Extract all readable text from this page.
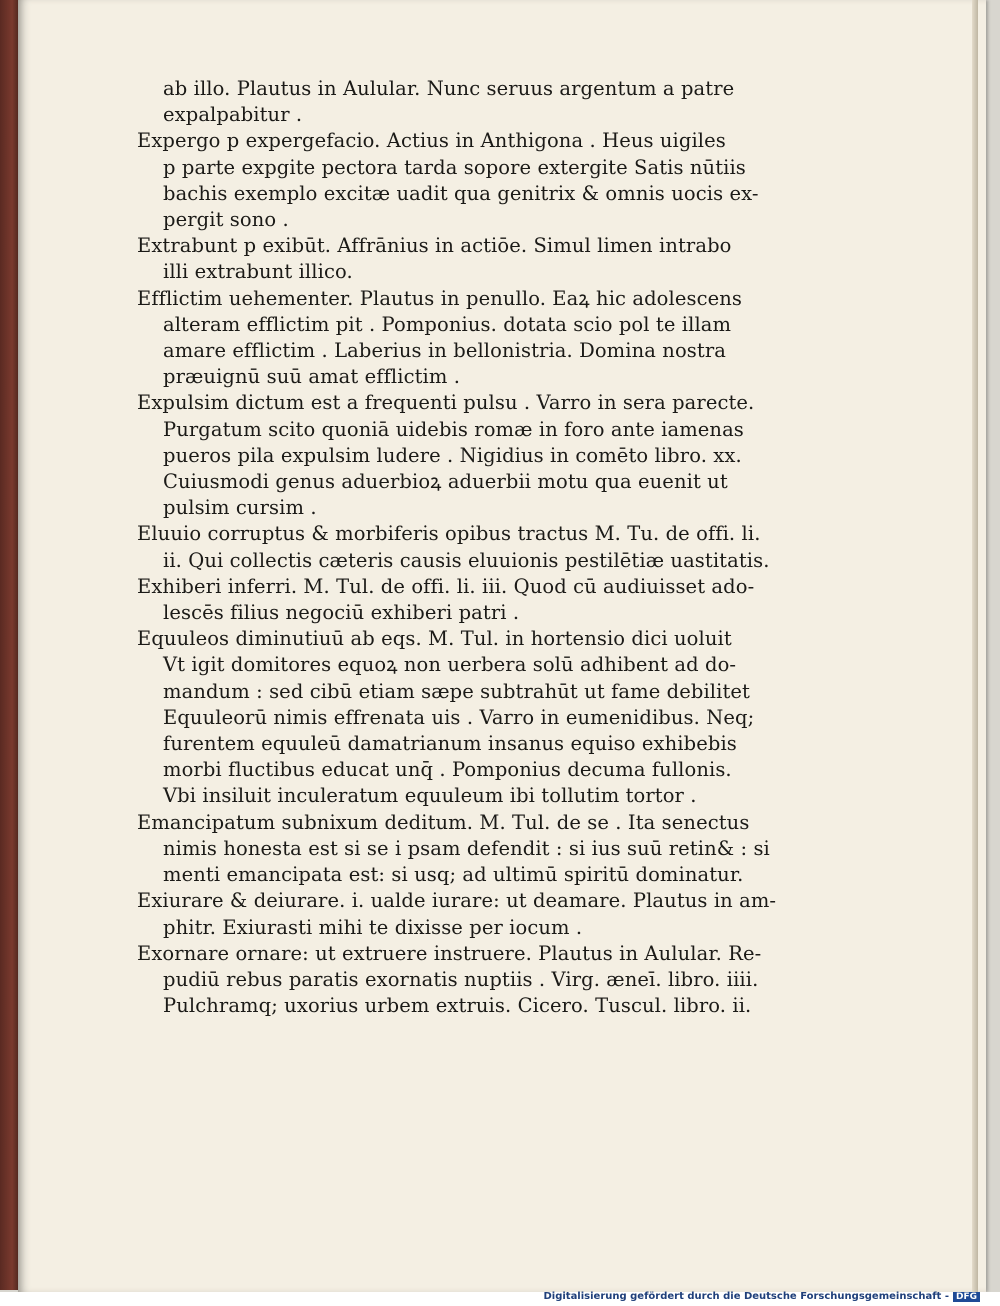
ab illo. Plautus in Aulular. Nunc seruus argentum a patre
expalpabitur .
Expergo p expergefacio. Actius in Anthigona . Heus uigiles
p parte expgite pectora tarda sopore extergite Satis nūtiis
bachis exemplo excitæ uadit qua genitrix & omnis uocis ex-
pergit sono .
Extrabunt p exibūt. Affrānius in actiōe. Simul limen intrabo
illi extrabunt illico.
Efflictim uehementer. Plautus in penullo. Eaꝝ hic adolescens
alteram efflictim pit . Pomponius. dotata scio pol te illam
amare efflictim . Laberius in bellonistria. Domina nostra
præuignū suū amat efflictim .
Expulsim dictum est a frequenti pulsu . Varro in sera parecte.
Purgatum scito quoniā uidebis romæ in foro ante iamenas
pueros pila expulsim ludere . Nigidius in comēto libro. xx.
Cuiusmodi genus aduerbioꝝ aduerbii motu qua euenit ut
pulsim cursim .
Eluuio corruptus & morbiferis opibus tractus M. Tu. de offi. li.
ii. Qui collectis cæteris causis eluuionis pestilētiæ uastitatis.
Exhiberi inferri. M. Tul. de offi. li. iii. Quod cū audiuisset ado-
lescēs filius negociū exhiberi patri .
Equuleos diminutiuū ab eqs. M. Tul. in hortensio dici uoluit
Vt igit domitores equoꝝ non uerbera solū adhibent ad do-
mandum : sed cibū etiam sæpe subtrahūt ut fame debilitet
Equuleorū nimis effrenata uis . Varro in eumenidibus. Neq;
furentem equuleū damatrianum insanus equiso exhibebis
morbi fluctibus educat unq̄ . Pomponius decuma fullonis.
Vbi insiluit inculeratum equuleum ibi tollutim tortor .
Emancipatum subnixum deditum. M. Tul. de se . Ita senectus
nimis honesta est si se i psam defendit : si ius suū retin& : si
menti emancipata est: si usq; ad ultimū spiritū dominatur.
Exiurare & deiurare. i. ualde iurare: ut deamare. Plautus in am-
phitr. Exiurasti mihi te dixisse per iocum .
Exornare ornare: ut extruere instruere. Plautus in Aulular. Re-
pudiū rebus paratis exornatis nuptiis . Virg. æneī. libro. iiii.
Pulchramq; uxorius urbem extruis. Cicero. Tuscul. libro. ii.
Digitalisierung gefördert durch die Deutsche Forschungsgemeinschaft - DFG
